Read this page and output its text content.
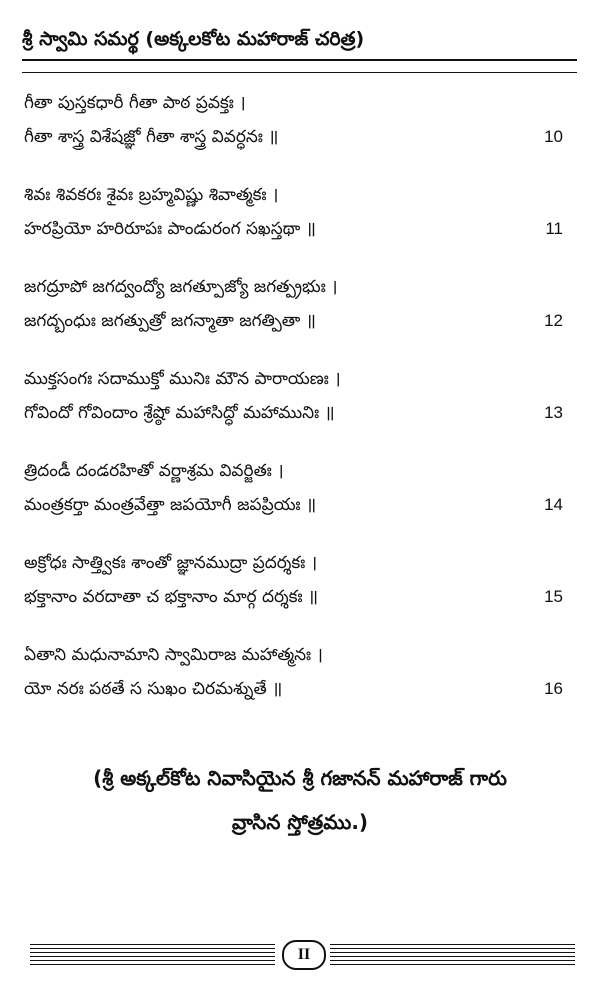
శ్రీ స్వామి సమర్థ (అక్కలకోట మహారాజ్ చరిత్ర)
గీతా పుస్తకధారీ గీతా పాఠ ప్రవక్తః ।
గీతా శాస్త్ర విశేషజ్ఞో గీతా శాస్త్ర వివర్ధనః ॥	10
శివః శివకరః శైవః బ్రహ్మవిష్ణు శివాత్మకః ।
హరప్రియో హరిరూపః పాండురంగ సఖస్తథా ॥	11
జగద్రూపో జగద్వంద్యో జగత్పూజ్యో జగత్ప్రభుః ।
జగద్బంధుః జగత్పుత్రో జగన్మాతా జగత్పితా ॥	12
ముక్తసంగః సదాముక్తో మునిః మౌన పారాయణః ।
గోవిందో గోవిందాం శ్రేష్ఠో మహాసిద్ధో మహామునిః ॥	13
త్రిదండీ దండరహితో వర్ణాశ్రమ వివర్జితః ।
మంత్రకర్తా మంత్రవేత్తా జపయోగీ జపప్రియః ॥	14
అక్రోధః సాత్త్వికః శాంతో జ్ఞానముద్రా ప్రదర్శకః ।
భక్తానాం వరదాతా చ భక్తానాం మార్గ దర్శకః ॥	15
ఏతాని మధునామాని స్వామిరాజ మహాత్మనః ।
యో నరః పఠతే స సుఖం చిరమశ్నుతే ॥	16
(శ్రీ అక్కల్‌కోట నివాసియైన శ్రీ గజానన్ మహారాజ్ గారు
వ్రాసిన స్తోత్రము.)
II
